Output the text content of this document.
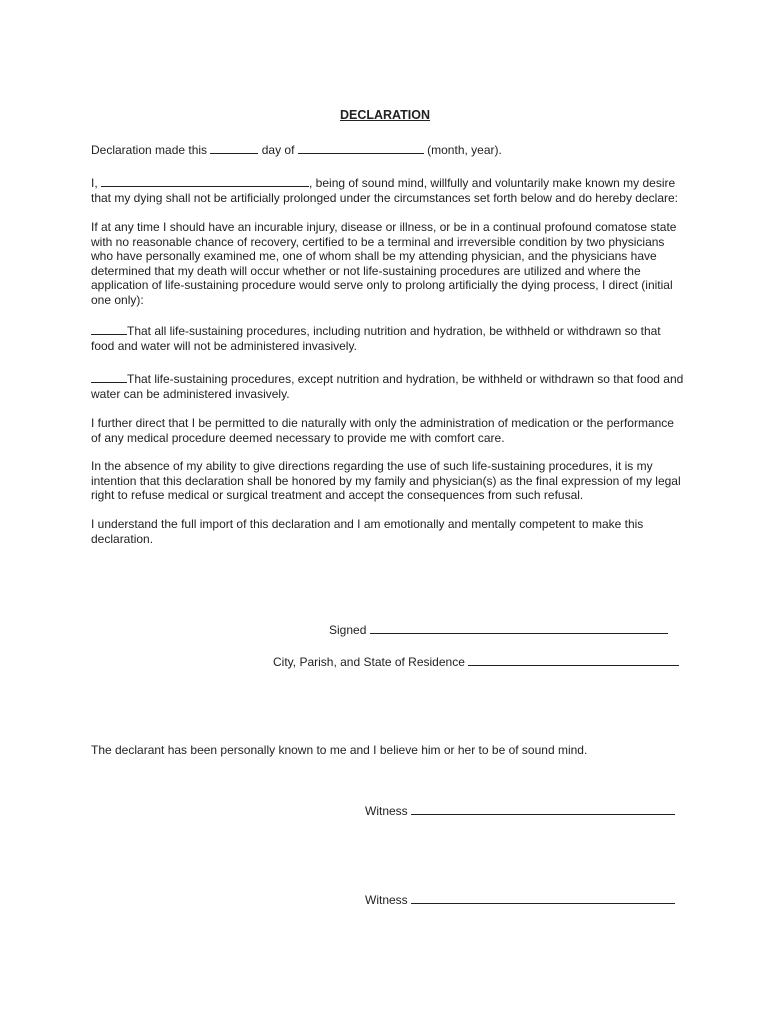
DECLARATION

Declaration made this	day of	(month, year).

I,	, being of sound mind, willfully and voluntarily make known my desire that my dying shall not be artificially prolonged under the circumstances set forth below and do hereby declare:

If at any time I should have an incurable injury, disease or illness, or be in a continual profound comatose state with no reasonable chance of recovery, certified to be a terminal and irreversible condition by two physicians who have personally examined me, one of whom shall be my attending physician, and the physicians have determined that my death will occur whether or not life-sustaining procedures are utilized and where the application of life-sustaining procedure would serve only to prolong artificially the dying process, I direct (initial one only):

That all life-sustaining procedures, including nutrition and hydration, be withheld or withdrawn so that food and water will not be administered invasively.

That life-sustaining procedures, except nutrition and hydration, be withheld or withdrawn so that food and water can be administered invasively.

I further direct that I be permitted to die naturally with only the administration of medication or the performance of any medical procedure deemed necessary to provide me with comfort care.

In the absence of my ability to give directions regarding the use of such life-sustaining procedures, it is my intention that this declaration shall be honored by my family and physician(s) as the final expression of my legal right to refuse medical or surgical treatment and accept the consequences from such refusal.

I understand the full import of this declaration and I am emotionally and mentally competent to make this declaration.

Signed
City, Parish, and State of Residence

The declarant has been personally known to me and I believe him or her to be of sound mind.

Witness
Witness
